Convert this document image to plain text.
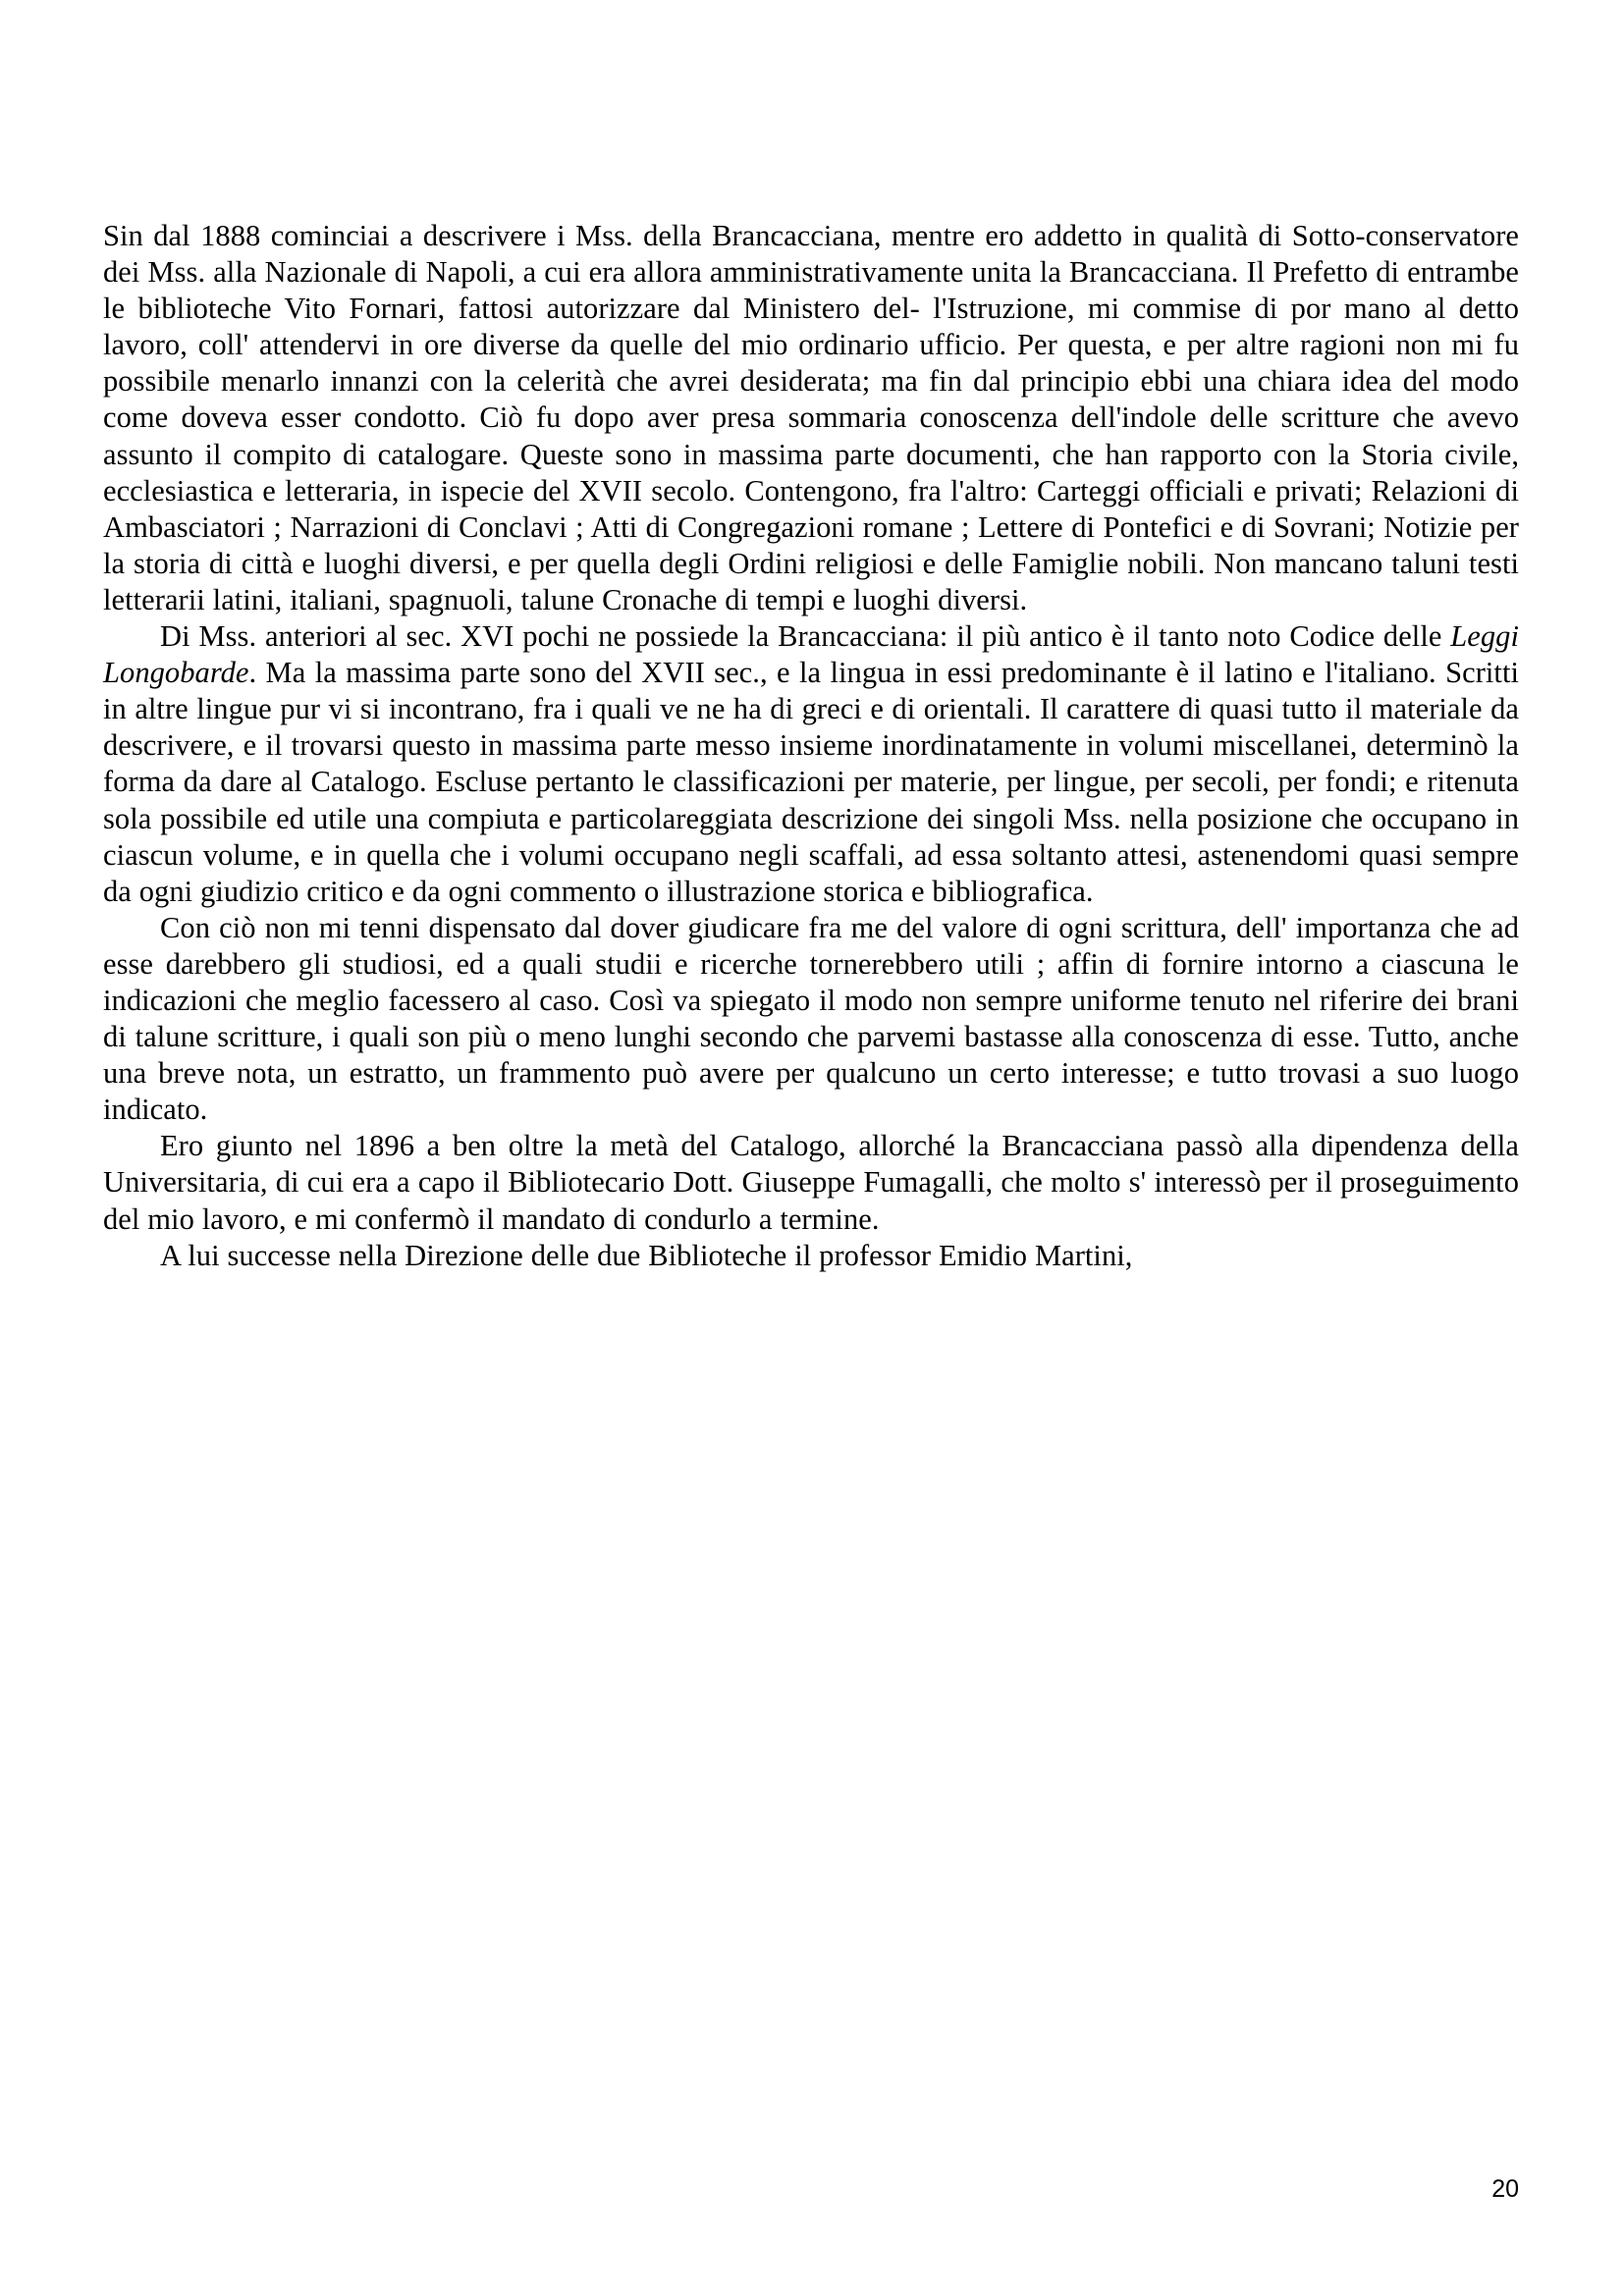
Sin dal 1888 cominciai a descrivere i Mss. della Brancacciana, mentre ero addetto in qualità di Sotto-conservatore dei Mss. alla Nazionale di Napoli, a cui era allora amministrativamente unita la Brancacciana. Il Prefetto di entrambe le biblioteche Vito Fornari, fattosi autorizzare dal Ministero del- l'Istruzione, mi commise di por mano al detto lavoro, coll' attendervi in ore diverse da quelle del mio ordinario ufficio. Per questa, e per altre ragioni non mi fu possibile menarlo innanzi con la celerità che avrei desiderata; ma fin dal principio ebbi una chiara idea del modo come doveva esser condotto. Ciò fu dopo aver presa sommaria conoscenza dell'indole delle scritture che avevo assunto il compito di catalogare. Queste sono in massima parte documenti, che han rapporto con la Storia civile, ecclesiastica e letteraria, in ispecie del XVII secolo. Contengono, fra l'altro: Carteggi officiali e privati; Relazioni di Ambasciatori ; Narrazioni di Conclavi ; Atti di Congregazioni romane ; Lettere di Pontefici e di Sovrani; Notizie per la storia di città e luoghi diversi, e per quella degli Ordini religiosi e delle Famiglie nobili. Non mancano taluni testi letterarii latini, italiani, spagnuoli, talune Cronache di tempi e luoghi diversi.

Di Mss. anteriori al sec. XVI pochi ne possiede la Brancacciana: il più antico è il tanto noto Codice delle Leggi Longobarde. Ma la massima parte sono del XVII sec., e la lingua in essi predominante è il latino e l'italiano. Scritti in altre lingue pur vi si incontrano, fra i quali ve ne ha di greci e di orientali. Il carattere di quasi tutto il materiale da descrivere, e il trovarsi questo in massima parte messo insieme inordinatamente in volumi miscellanei, determinò la forma da dare al Catalogo. Escluse pertanto le classificazioni per materie, per lingue, per secoli, per fondi; e ritenuta sola possibile ed utile una compiuta e particolareggiata descrizione dei singoli Mss. nella posizione che occupano in ciascun volume, e in quella che i volumi occupano negli scaffali, ad essa soltanto attesi, astenendomi quasi sempre da ogni giudizio critico e da ogni commento o illustrazione storica e bibliografica.

Con ciò non mi tenni dispensato dal dover giudicare fra me del valore di ogni scrittura, dell' importanza che ad esse darebbero gli studiosi, ed a quali studii e ricerche tornerebbero utili ; affin di fornire intorno a ciascuna le indicazioni che meglio facessero al caso. Così va spiegato il modo non sempre uniforme tenuto nel riferire dei brani di talune scritture, i quali son più o meno lunghi secondo che parvemi bastasse alla conoscenza di esse. Tutto, anche una breve nota, un estratto, un frammento può avere per qualcuno un certo interesse; e tutto trovasi a suo luogo indicato.

Ero giunto nel 1896 a ben oltre la metà del Catalogo, allorché la Brancacciana passò alla dipendenza della Universitaria, di cui era a capo il Bibliotecario Dott. Giuseppe Fumagalli, che molto s' interessò per il proseguimento del mio lavoro, e mi confermò il mandato di condurlo a termine.

A lui successe nella Direzione delle due Biblioteche il professor Emidio Martini,

20
